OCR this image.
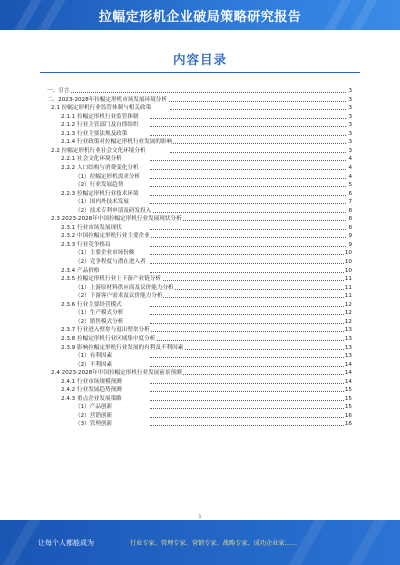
拉幅定形机企业破局策略研究报告
内容目录
一、引言	3
二、2023-2028年拉幅定形机市场发展环境分析	3
2.1 拉幅定形机行业监管体制与相关政策	3
2.1.1 拉幅定形机行业监管体制	3
2.1.2 行业主管部门及自律组织	3
2.1.3 行业主要法规及政策	3
2.1.4 行业政策对拉幅定形机行业发展的影响	3
2.2 拉幅定形机行业社会文化环境分析	3
2.2.1 社会文化环境分析	4
2.2.2 人口结构与消费变化分析	4
（1）拉幅定形机需求分析	4
（2）行业发展趋势	5
2.2.3 拉幅定形机行业技术环境	6
（1）国内外技术发展	7
（2）技术专利申请及研发投入	8
2.3 2023-2028年中国拉幅定形机行业发展现状分析	8
2.3.1 行业市场发展现状	8
2.3.2 中国拉幅定形机行业主要企业	9
2.3.3 行业竞争格局	9
（1）主要企业市场份额	10
（2）竞争程度与潜在进入者	10
2.3.4 产品价格	10
2.3.5 拉幅定形机行业上下游产业链分析	11
（1）上游原材料供应商及议价能力分析	11
（2）下游客户需求及议价能力分析	11
2.3.6 行业主要经营模式	12
（1）生产模式分析	12
（2）销售模式分析	12
2.3.7 行业进入壁垒与退出壁垒分析	13
2.3.8 拉幅定形机行业区域集中度分析	13
2.3.9 影响拉幅定形机行业发展的有利及不利因素	13
（1）有利因素	13
（2）不利因素	14
2.4 2023-2028年中国拉幅定形机行业发展前景预测	14
2.4.1 行业市场规模预测	14
2.4.2 行业发展趋势预测	15
2.4.3 重点企业发展策略	15
（1）产品创新	15
（2）营销创新	16
（3）管理创新	16
1
让每个人都能成为	行业专家、管理专家、营销专家、战略专家、成功企业家……
